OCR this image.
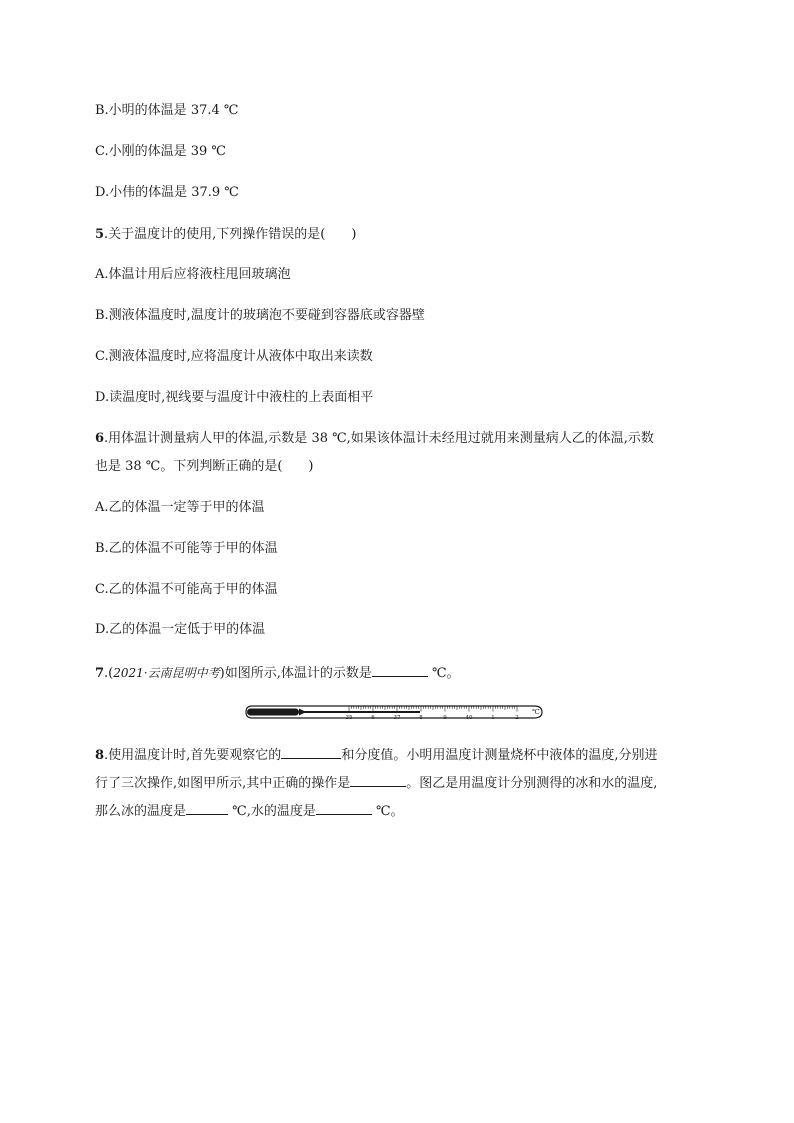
B.小明的体温是 37.4 ℃
C.小刚的体温是 39 ℃
D.小伟的体温是 37.9 ℃
5.关于温度计的使用,下列操作错误的是(　　)
A.体温计用后应将液柱甩回玻璃泡
B.测液体温度时,温度计的玻璃泡不要碰到容器底或容器壁
C.测液体温度时,应将温度计从液体中取出来读数
D.读温度时,视线要与温度计中液柱的上表面相平
6.用体温计测量病人甲的体温,示数是 38 ℃,如果该体温计未经甩过就用来测量病人乙的体温,示数
也是 38 ℃。下列判断正确的是(　　)
A.乙的体温一定等于甲的体温
B.乙的体温不可能等于甲的体温
C.乙的体温不可能高于甲的体温
D.乙的体温一定低于甲的体温
7.(2021·云南昆明中考)如图所示,体温计的示数是	℃。
35	6	37	8	9	40	1	2
℃
8.使用温度计时,首先要观察它的	和分度值。小明用温度计测量烧杯中液体的温度,分别进
行了三次操作,如图甲所示,其中正确的操作是	。图乙是用温度计分别测得的冰和水的温度,
那么冰的温度是	℃,水的温度是	℃。
